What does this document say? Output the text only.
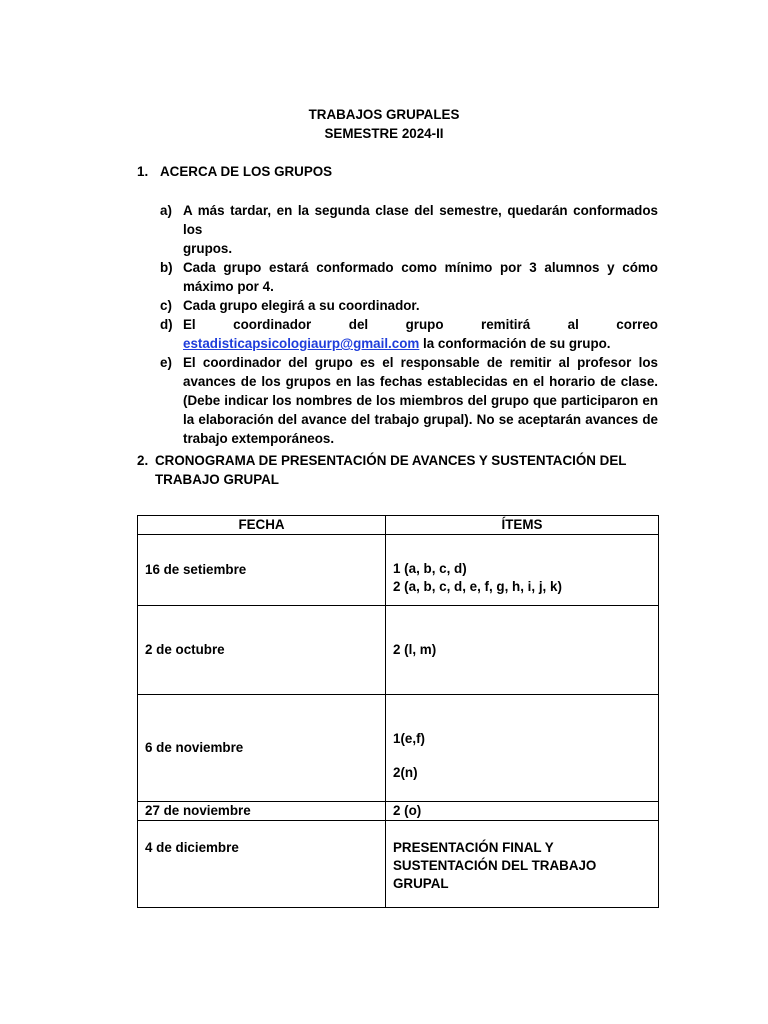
TRABAJOS GRUPALES
SEMESTRE 2024-II
1. ACERCA DE LOS GRUPOS
a) A más tardar, en la segunda clase del semestre, quedarán conformados los
grupos.
b) Cada grupo estará conformado como mínimo por 3 alumnos y cómo
máximo por 4.
c) Cada grupo elegirá a su coordinador.
d) El coordinador del grupo remitirá al correo
estadisticapsicologiaurp@gmail.com la conformación de su grupo.
e) El coordinador del grupo es el responsable de remitir al profesor los avances de los grupos en las fechas establecidas en el horario de clase. (Debe indicar los nombres de los miembros del grupo que participaron en la elaboración del avance del trabajo grupal). No se aceptarán avances de trabajo extemporáneos.
2. CRONOGRAMA DE PRESENTACIÓN DE AVANCES Y SUSTENTACIÓN DEL
TRABAJO GRUPAL
FECHA	ÍTEMS
16 de setiembre	1 (a, b, c, d)
2 (a, b, c, d, e, f, g, h, i, j, k)

2 de octubre	2 (l, m)
6 de noviembre	1(e,f)
2(n)

27 de noviembre	2 (o)
4 de diciembre	PRESENTACIÓN FINAL Y
SUSTENTACIÓN DEL TRABAJO
GRUPAL
